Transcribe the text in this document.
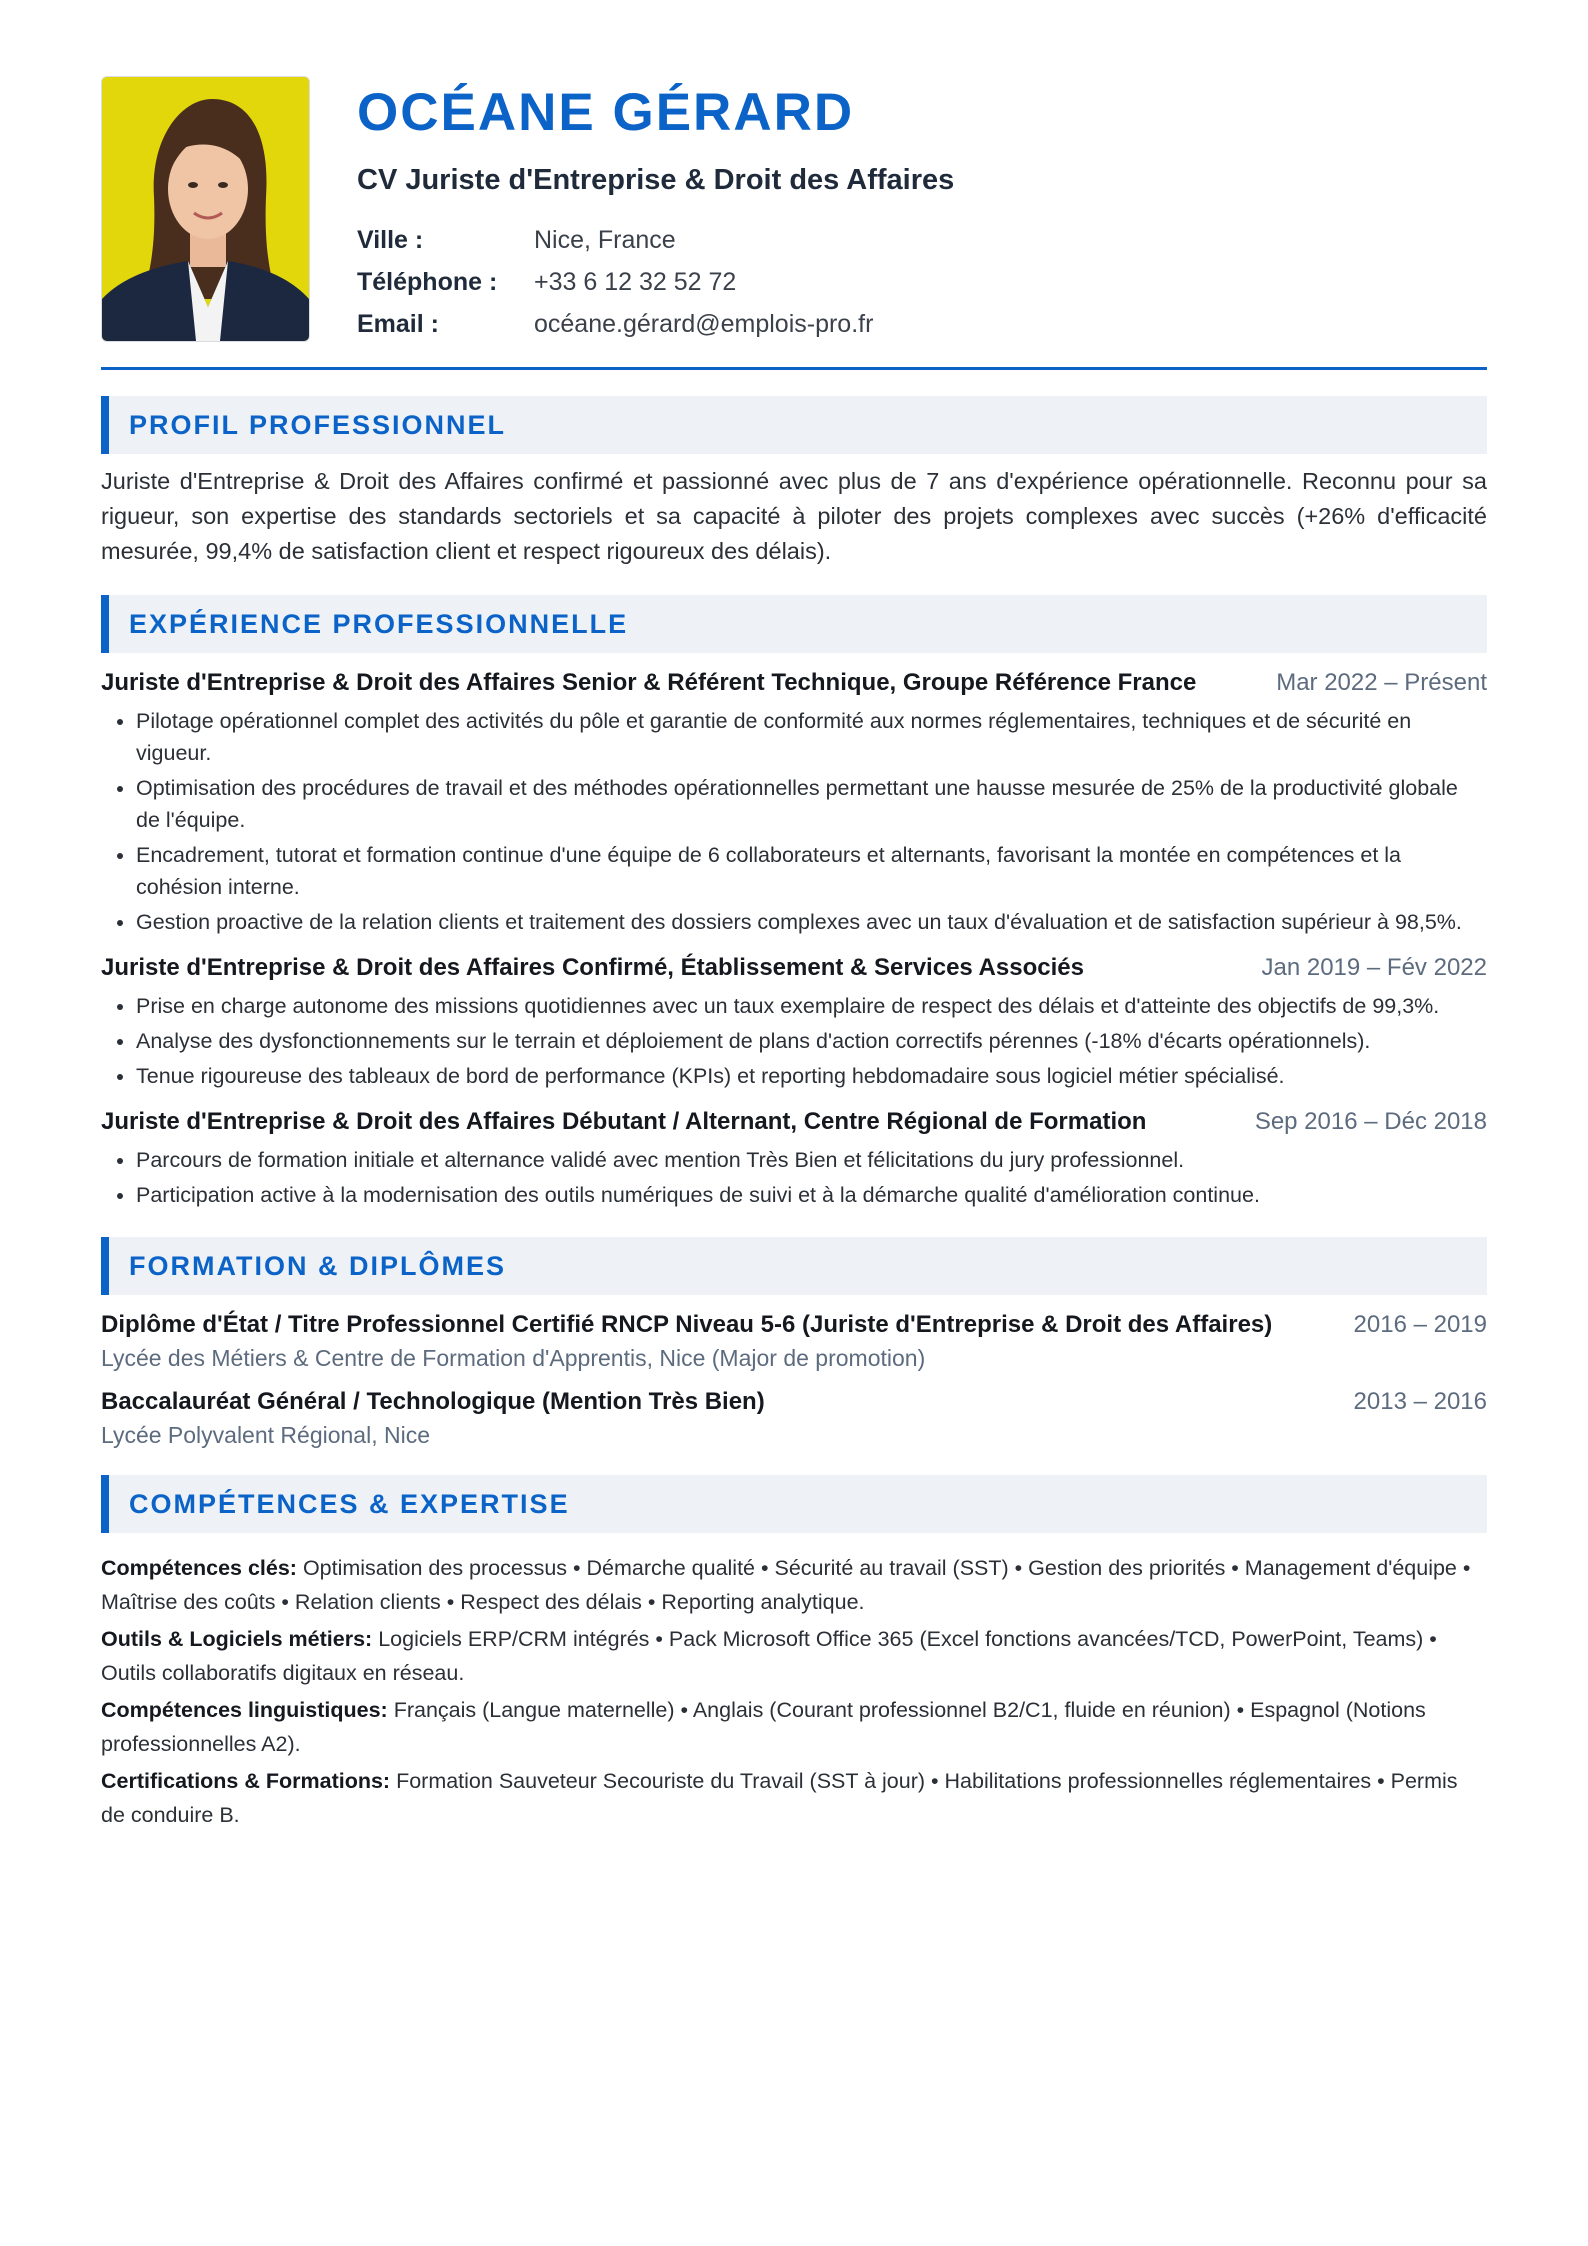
OCÉANE GÉRARD
CV Juriste d'Entreprise & Droit des Affaires
Ville :	Nice, France
Téléphone :	+33 6 12 32 52 72
Email :	océane.gérard@emplois-pro.fr
PROFIL PROFESSIONNEL
Juriste d'Entreprise & Droit des Affaires confirmé et passionné avec plus de 7 ans d'expérience opérationnelle. Reconnu pour sa rigueur, son expertise des standards sectoriels et sa capacité à piloter des projets complexes avec succès (+26% d'efficacité mesurée, 99,4% de satisfaction client et respect rigoureux des délais).
EXPÉRIENCE PROFESSIONNELLE
Juriste d'Entreprise & Droit des Affaires Senior & Référent Technique, Groupe Référence France	Mar 2022 – Présent
• Pilotage opérationnel complet des activités du pôle et garantie de conformité aux normes réglementaires, techniques et de sécurité en vigueur.
• Optimisation des procédures de travail et des méthodes opérationnelles permettant une hausse mesurée de 25% de la productivité globale de l'équipe.
• Encadrement, tutorat et formation continue d'une équipe de 6 collaborateurs et alternants, favorisant la montée en compétences et la cohésion interne.
• Gestion proactive de la relation clients et traitement des dossiers complexes avec un taux d'évaluation et de satisfaction supérieur à 98,5%.
Juriste d'Entreprise & Droit des Affaires Confirmé, Établissement & Services Associés	Jan 2019 – Fév 2022
• Prise en charge autonome des missions quotidiennes avec un taux exemplaire de respect des délais et d'atteinte des objectifs de 99,3%.
• Analyse des dysfonctionnements sur le terrain et déploiement de plans d'action correctifs pérennes (-18% d'écarts opérationnels).
• Tenue rigoureuse des tableaux de bord de performance (KPIs) et reporting hebdomadaire sous logiciel métier spécialisé.
Juriste d'Entreprise & Droit des Affaires Débutant / Alternant, Centre Régional de Formation	Sep 2016 – Déc 2018
• Parcours de formation initiale et alternance validé avec mention Très Bien et félicitations du jury professionnel.
• Participation active à la modernisation des outils numériques de suivi et à la démarche qualité d'amélioration continue.
FORMATION & DIPLÔMES
Diplôme d'État / Titre Professionnel Certifié RNCP Niveau 5-6 (Juriste d'Entreprise & Droit des Affaires)	2016 – 2019
Lycée des Métiers & Centre de Formation d'Apprentis, Nice (Major de promotion)
Baccalauréat Général / Technologique (Mention Très Bien)	2013 – 2016
Lycée Polyvalent Régional, Nice
COMPÉTENCES & EXPERTISE
Compétences clés: Optimisation des processus • Démarche qualité • Sécurité au travail (SST) • Gestion des priorités • Management d'équipe • Maîtrise des coûts • Relation clients • Respect des délais • Reporting analytique.
Outils & Logiciels métiers: Logiciels ERP/CRM intégrés • Pack Microsoft Office 365 (Excel fonctions avancées/TCD, PowerPoint, Teams) • Outils collaboratifs digitaux en réseau.
Compétences linguistiques: Français (Langue maternelle) • Anglais (Courant professionnel B2/C1, fluide en réunion) • Espagnol (Notions professionnelles A2).
Certifications & Formations: Formation Sauveteur Secouriste du Travail (SST à jour) • Habilitations professionnelles réglementaires • Permis de conduire B.
